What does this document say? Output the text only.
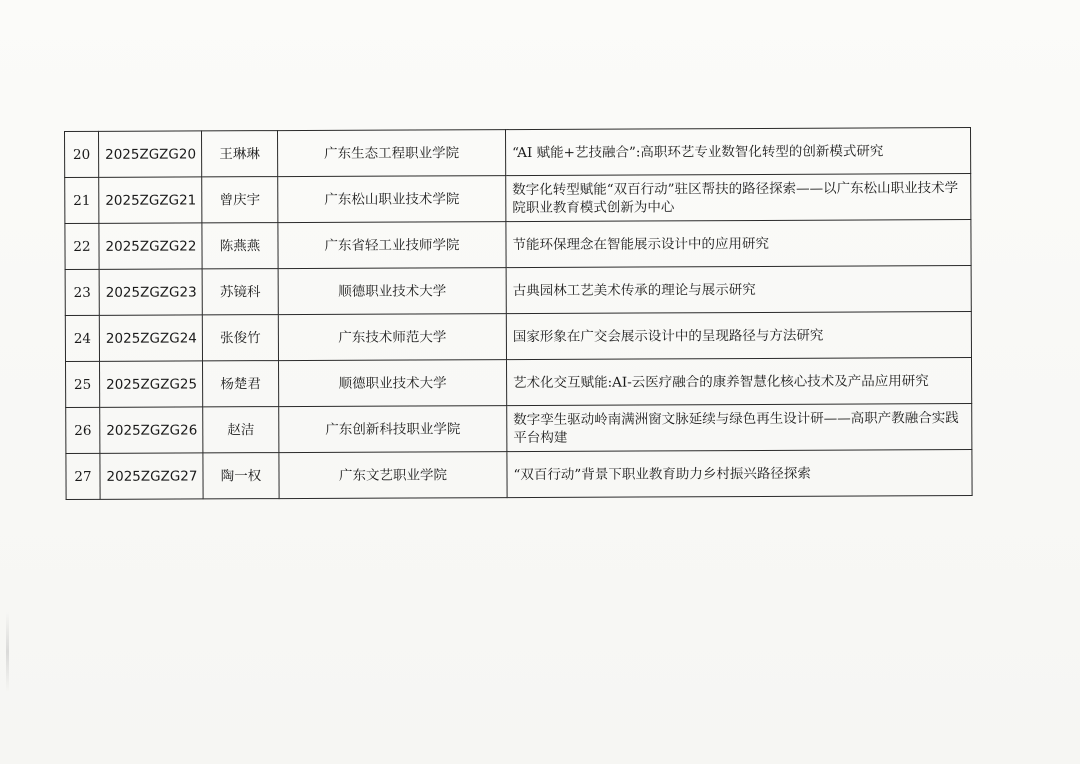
20	2025ZGZG20	王琳琳	广东生态工程职业学院	“AI 赋能+艺技融合”:高职环艺专业数智化转型的创新模式研究
21	2025ZGZG21	曾庆宇	广东松山职业技术学院	数字化转型赋能“双百行动”驻区帮扶的路径探索——以广东松山职业技术学院职业教育模式创新为中心
22	2025ZGZG22	陈燕燕	广东省轻工业技师学院	节能环保理念在智能展示设计中的应用研究
23	2025ZGZG23	苏镜科	顺德职业技术大学	古典园林工艺美术传承的理论与展示研究
24	2025ZGZG24	张俊竹	广东技术师范大学	国家形象在广交会展示设计中的呈现路径与方法研究
25	2025ZGZG25	杨楚君	顺德职业技术大学	艺术化交互赋能:AI-云医疗融合的康养智慧化核心技术及产品应用研究
26	2025ZGZG26	赵洁	广东创新科技职业学院	数字孪生驱动岭南满洲窗文脉延续与绿色再生设计研——高职产教融合实践平台构建
27	2025ZGZG27	陶一权	广东文艺职业学院	“双百行动”背景下职业教育助力乡村振兴路径探索
